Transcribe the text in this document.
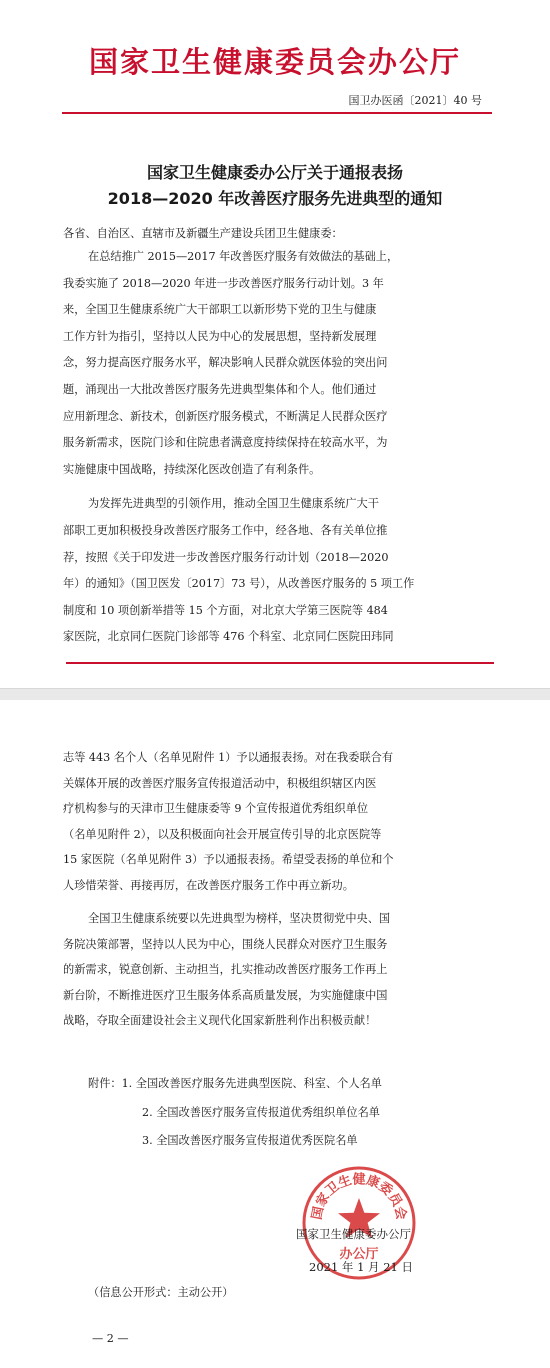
国家卫生健康委员会办公厅
国卫办医函〔2021〕40 号
国家卫生健康委办公厅关于通报表扬
2018—2020 年改善医疗服务先进典型的通知
各省、自治区、直辖市及新疆生产建设兵团卫生健康委：
在总结推广 2015—2017 年改善医疗服务有效做法的基础上，
我委实施了 2018—2020 年进一步改善医疗服务行动计划。3 年
来，全国卫生健康系统广大干部职工以新形势下党的卫生与健康
工作方针为指引，坚持以人民为中心的发展思想，坚持新发展理
念，努力提高医疗服务水平，解决影响人民群众就医体验的突出问
题，涌现出一大批改善医疗服务先进典型集体和个人。他们通过
应用新理念、新技术，创新医疗服务模式，不断满足人民群众医疗
服务新需求，医院门诊和住院患者满意度持续保持在较高水平，为
实施健康中国战略，持续深化医改创造了有利条件。
为发挥先进典型的引领作用，推动全国卫生健康系统广大干
部职工更加积极投身改善医疗服务工作中，经各地、各有关单位推
荐，按照《关于印发进一步改善医疗服务行动计划（2018—2020
年）的通知》（国卫医发〔2017〕73 号），从改善医疗服务的 5 项工作
制度和 10 项创新举措等 15 个方面，对北京大学第三医院等 484
家医院，北京同仁医院门诊部等 476 个科室、北京同仁医院田玮同
志等 443 名个人（名单见附件 1）予以通报表扬。对在我委联合有
关媒体开展的改善医疗服务宣传报道活动中，积极组织辖区内医
疗机构参与的天津市卫生健康委等 9 个宣传报道优秀组织单位
（名单见附件 2），以及积极面向社会开展宣传引导的北京医院等
15 家医院（名单见附件 3）予以通报表扬。希望受表扬的单位和个
人珍惜荣誉、再接再厉，在改善医疗服务工作中再立新功。
全国卫生健康系统要以先进典型为榜样，坚决贯彻党中央、国
务院决策部署，坚持以人民为中心，围绕人民群众对医疗卫生服务
的新需求，锐意创新、主动担当，扎实推动改善医疗服务工作再上
新台阶，不断推进医疗卫生服务体系高质量发展，为实施健康中国
战略，夺取全面建设社会主义现代化国家新胜利作出积极贡献！
附件：1. 全国改善医疗服务先进典型医院、科室、个人名单
2. 全国改善医疗服务宣传报道优秀组织单位名单
3. 全国改善医疗服务宣传报道优秀医院名单
国家卫生健康委员会
办公厅
国家卫生健康委办公厅
2021 年 1 月 21 日
（信息公开形式：主动公开）
— 2 —
